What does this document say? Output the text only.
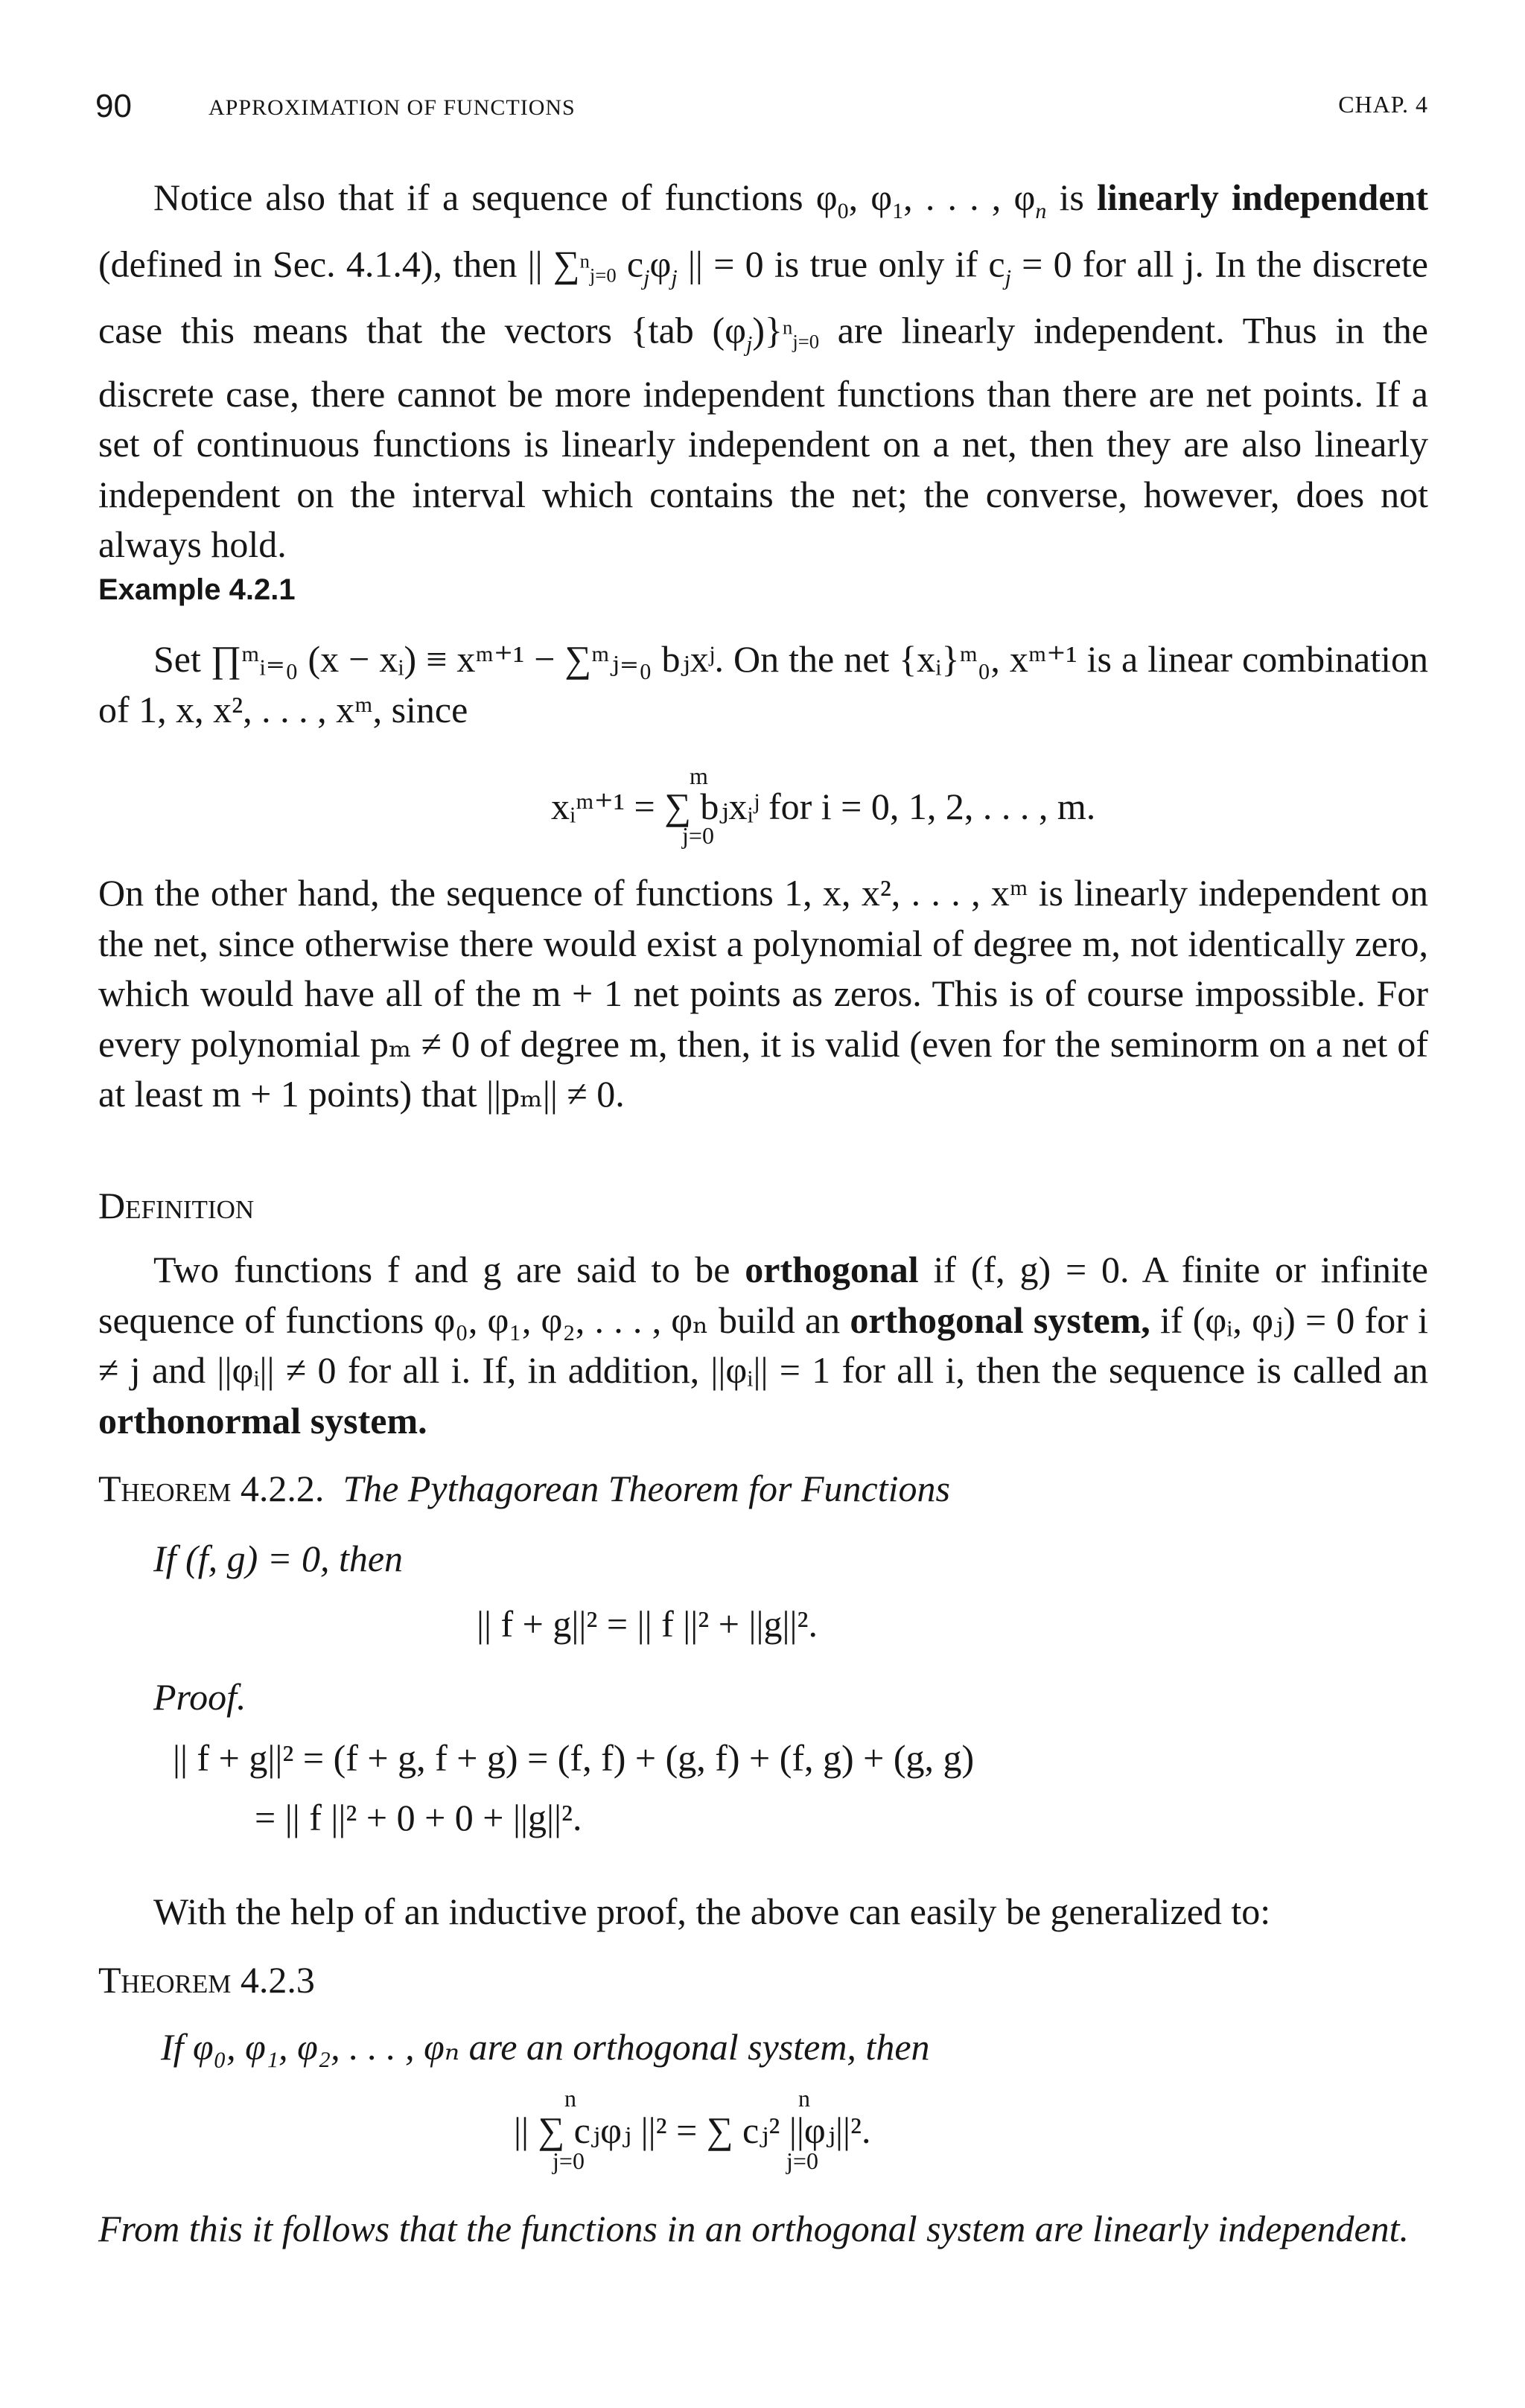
90	APPROXIMATION OF FUNCTIONS	CHAP. 4
Notice also that if a sequence of functions $\varphi_0$, $\varphi_1$, . . . , $\varphi_n$ is linearly independent (defined in Sec. 4.1.4), then || ∑$^n_{j=0}$ $c_j\varphi_j$ || = 0 is true only if $c_j = 0$ for all j. In the discrete case this means that the vectors {tab $(\varphi_j)\}^n_{j=0}$ are linearly independent. Thus in the discrete case, there cannot be more independent functions than there are net points. If a set of continuous functions is linearly independent on a net, then they are also linearly independent on the interval which contains the net; the converse, however, does not always hold.
Example 4.2.1
Set ∏ᵐᵢ₌₀ (x − xᵢ) ≡ xᵐ⁺¹ − ∑ᵐⱼ₌₀ bⱼxʲ. On the net {xᵢ}ᵐ₀, xᵐ⁺¹ is a linear combination of 1, x, x², . . . , xᵐ, since
m
xᵢᵐ⁺¹ = ∑ bⱼxᵢʲ for i = 0, 1, 2, . . . , m.
j=0
On the other hand, the sequence of functions 1, x, x², . . . , xᵐ is linearly independent on the net, since otherwise there would exist a polynomial of degree m, not identically zero, which would have all of the m + 1 net points as zeros. This is of course impossible. For every polynomial pₘ ≠ 0 of degree m, then, it is valid (even for the seminorm on a net of at least m + 1 points) that ||pₘ|| ≠ 0.
Definition
Two functions f and g are said to be orthogonal if (f, g) = 0. A finite or infinite sequence of functions φ₀, φ₁, φ₂, . . . , φₙ build an orthogonal system, if (φᵢ, φⱼ) = 0 for i ≠ j and ||φᵢ|| ≠ 0 for all i. If, in addition, ||φᵢ|| = 1 for all i, then the sequence is called an orthonormal system.
Theorem 4.2.2. The Pythagorean Theorem for Functions
If (f, g) = 0, then
|| f + g||² = || f ||² + ||g||².
Proof.
|| f + g||² = (f + g, f + g) = (f, f) + (g, f) + (f, g) + (g, g)
= || f ||² + 0 + 0 + ||g||².
With the help of an inductive proof, the above can easily be generalized to:
Theorem 4.2.3
If φ₀, φ₁, φ₂, . . . , φₙ are an orthogonal system, then
n
|| ∑ cⱼφⱼ ||² = ∑ cⱼ² ||φⱼ||².
j=0
n
j=0
From this it follows that the functions in an orthogonal system are linearly independent.
